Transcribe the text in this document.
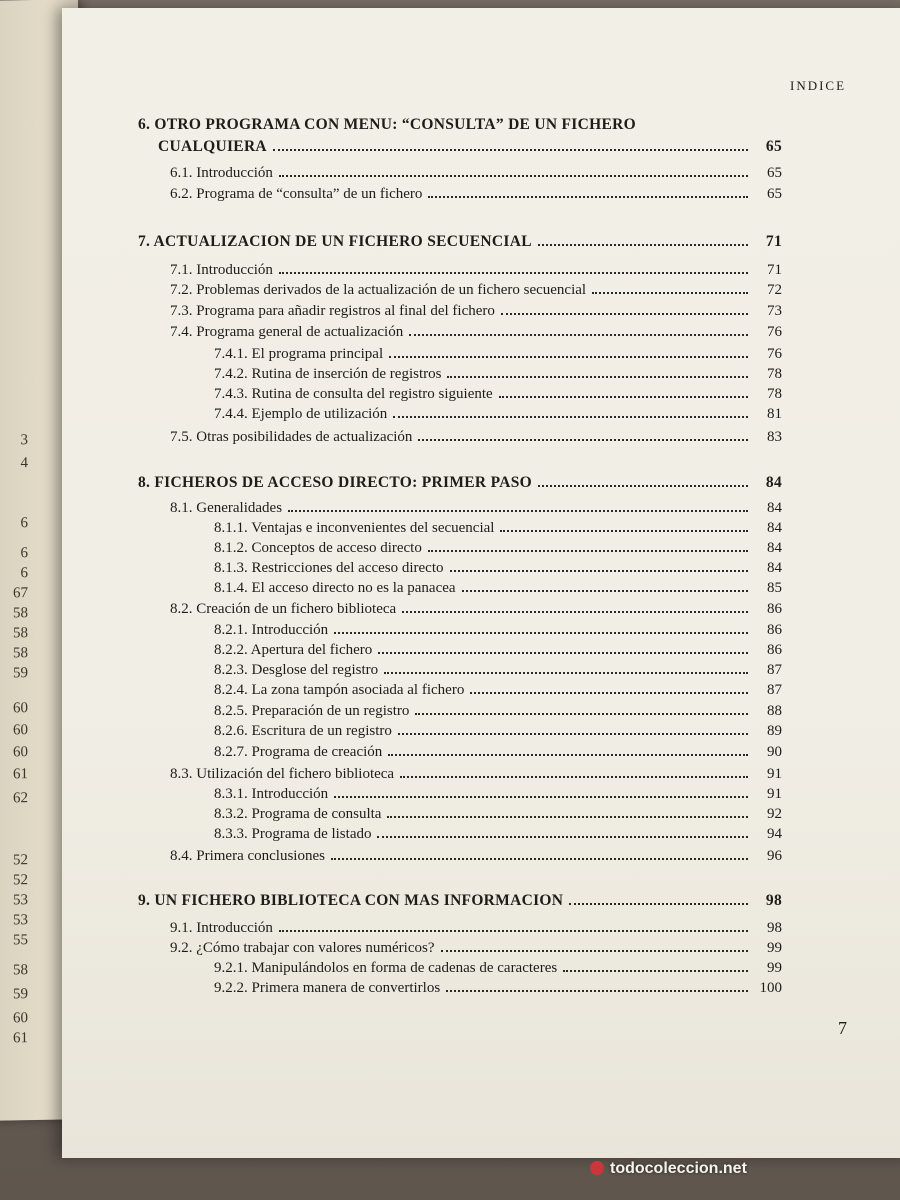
3
4
6
6
6
67
58
58
58
59
60
60
60
61
62
52
52
53
53
55
58
59
60
61
INDICE
6. OTRO PROGRAMA CON MENU: “CONSULTA” DE UN FICHERO
CUALQUIERA	65
6.1. Introducción	65
6.2. Programa de “consulta” de un fichero	65
7. ACTUALIZACION DE UN FICHERO SECUENCIAL	71
7.1. Introducción	71
7.2. Problemas derivados de la actualización de un fichero secuencial	72
7.3. Programa para añadir registros al final del fichero	73
7.4. Programa general de actualización	76
7.4.1. El programa principal	76
7.4.2. Rutina de inserción de registros	78
7.4.3. Rutina de consulta del registro siguiente	78
7.4.4. Ejemplo de utilización	81
7.5. Otras posibilidades de actualización	83
8. FICHEROS DE ACCESO DIRECTO: PRIMER PASO	84
8.1. Generalidades	84
8.1.1. Ventajas e inconvenientes del secuencial	84
8.1.2. Conceptos de acceso directo	84
8.1.3. Restricciones del acceso directo	84
8.1.4. El acceso directo no es la panacea	85
8.2. Creación de un fichero biblioteca	86
8.2.1. Introducción	86
8.2.2. Apertura del fichero	86
8.2.3. Desglose del registro	87
8.2.4. La zona tampón asociada al fichero	87
8.2.5. Preparación de un registro	88
8.2.6. Escritura de un registro	89
8.2.7. Programa de creación	90
8.3. Utilización del fichero biblioteca	91
8.3.1. Introducción	91
8.3.2. Programa de consulta	92
8.3.3. Programa de listado	94
8.4. Primera conclusiones	96
9. UN FICHERO BIBLIOTECA CON MAS INFORMACION	98
9.1. Introducción	98
9.2. ¿Cómo trabajar con valores numéricos?	99
9.2.1. Manipulándolos en forma de cadenas de caracteres	99
9.2.2. Primera manera de convertirlos	100
7
todocoleccion.net
